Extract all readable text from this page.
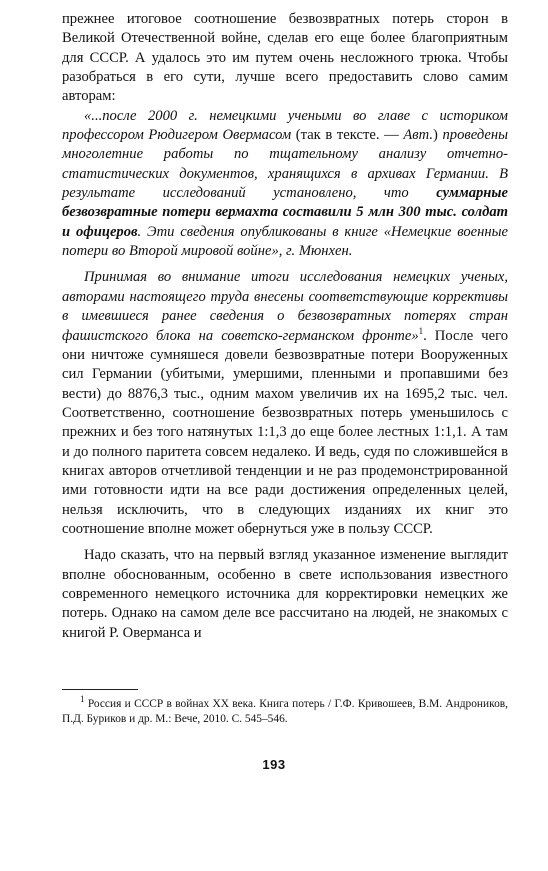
прежнее итоговое соотношение безвозвратных потерь сторон в Великой Отечественной войне, сделав его еще более благоприятным для СССР. А удалось это им путем очень несложного трюка. Чтобы разобраться в его сути, лучше всего предоставить слово самим авторам:

«...после 2000 г. немецкими учеными во главе с историком профессором Рюдигером Овермасом (так в тексте. — Авт.) проведены многолетние работы по тщательному анализу отчетно-статистических документов, хранящихся в архивах Германии. В результате исследований установлено, что суммарные безвозвратные потери вермахта составили 5 млн 300 тыс. солдат и офицеров. Эти сведения опубликованы в книге «Немецкие военные потери во Второй мировой войне», г. Мюнхен.

Принимая во внимание итоги исследования немецких ученых, авторами настоящего труда внесены соответствующие коррективы в имевшиеся ранее сведения о безвозвратных потерях стран фашистского блока на советско-германском фронте»$^1$. После чего они ничтоже сумняшеся довели безвозвратные потери Вооруженных сил Германии (убитыми, умершими, пленными и пропавшими без вести) до 8876,3 тыс., одним махом увеличив их на 1695,2 тыс. чел. Соответственно, соотношение безвозвратных потерь уменьшилось с прежних и без того натянутых 1:1,3 до еще более лестных 1:1,1. А там и до полного паритета совсем недалеко. И ведь, судя по сложившейся в книгах авторов отчетливой тенденции и не раз продемонстрированной ими готовности идти на все ради достижения определенных целей, нельзя исключить, что в следующих изданиях их книг это соотношение вполне может обернуться уже в пользу СССР.

Надо сказать, что на первый взгляд указанное изменение выглядит вполне обоснованным, особенно в свете использования известного современного немецкого источника для корректировки немецких же потерь. Однако на самом деле все рассчитано на людей, не знакомых с книгой Р. Оверманса и

$^1$ Россия и СССР в войнах XX века. Книга потерь / Г.Ф. Кривошеев, В.М. Андроников, П.Д. Буриков и др. М.: Вече, 2010. С. 545–546.

193
